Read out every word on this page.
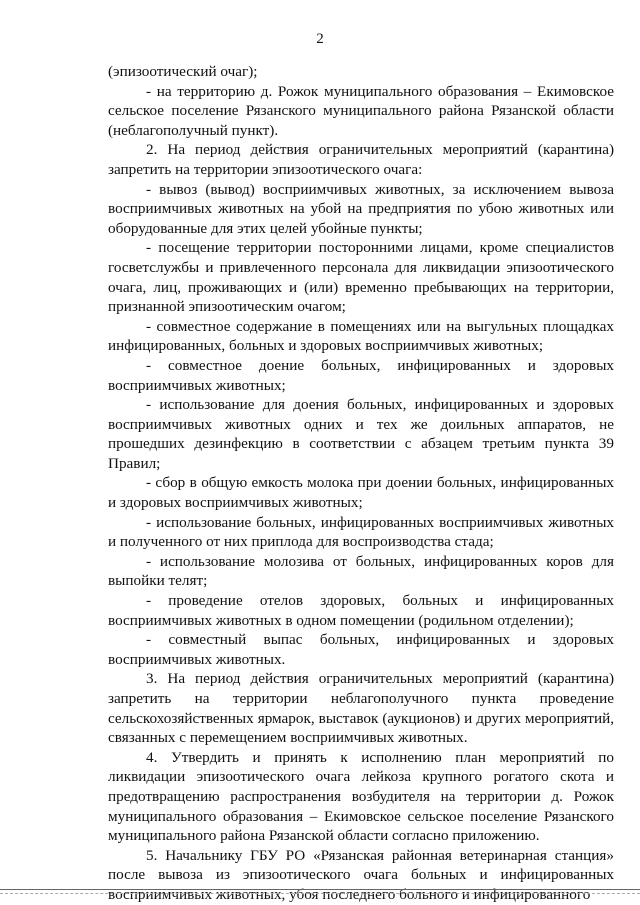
2

(эпизоотический очаг);

- на территорию д. Рожок муниципального образования – Екимовское сельское поселение Рязанского муниципального района Рязанской области (неблагополучный пункт).

2. На период действия ограничительных мероприятий (карантина) запретить на территории эпизоотического очага:

- вывоз (вывод) восприимчивых животных, за исключением вывоза восприимчивых животных на убой на предприятия по убою животных или оборудованные для этих целей убойные пункты;

- посещение территории посторонними лицами, кроме специалистов госветслужбы и привлеченного персонала для ликвидации эпизоотического очага, лиц, проживающих и (или) временно пребывающих на территории, признанной эпизоотическим очагом;

- совместное содержание в помещениях или на выгульных площадках инфицированных, больных и здоровых восприимчивых животных;

- совместное доение больных, инфицированных и здоровых восприимчивых животных;

- использование для доения больных, инфицированных и здоровых восприимчивых животных одних и тех же доильных аппаратов, не прошедших дезинфекцию в соответствии с абзацем третьим пункта 39 Правил;

- сбор в общую емкость молока при доении больных, инфицированных и здоровых восприимчивых животных;

- использование больных, инфицированных восприимчивых животных и полученного от них приплода для воспроизводства стада;

- использование молозива от больных, инфицированных коров для выпойки телят;

- проведение отелов здоровых, больных и инфицированных восприимчивых животных в одном помещении (родильном отделении);

- совместный выпас больных, инфицированных и здоровых восприимчивых животных.

3. На период действия ограничительных мероприятий (карантина) запретить на территории неблагополучного пункта проведение сельскохозяйственных ярмарок, выставок (аукционов) и других мероприятий, связанных с перемещением восприимчивых животных.

4. Утвердить и принять к исполнению план мероприятий по ликвидации эпизоотического очага лейкоза крупного рогатого скота и предотвращению распространения возбудителя на территории д. Рожок муниципального образования – Екимовское сельское поселение Рязанского муниципального района Рязанской области согласно приложению.

5. Начальнику ГБУ РО «Рязанская районная ветеринарная станция» после вывоза из эпизоотического очага больных и инфицированных восприимчивых животных, убоя последнего больного и инфицированного
